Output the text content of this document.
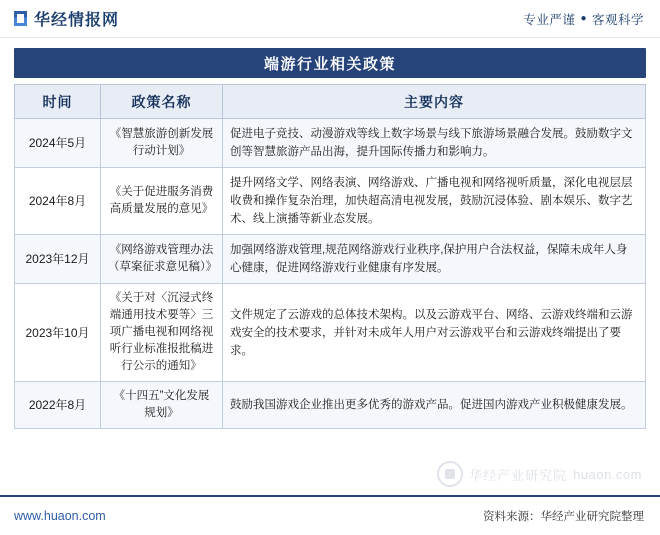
华经情报网	专业严谨 ● 客观科学
端游行业相关政策
时间	政策名称	主要内容
2024年5月	《智慧旅游创新发展行动计划》	促进电子竞技、动漫游戏等线上数字场景与线下旅游场景融合发展。鼓励数字文创等智慧旅游产品出海，提升国际传播力和影响力。
2024年8月	《关于促进服务消费高质量发展的意见》	提升网络文学、网络表演、网络游戏、广播电视和网络视听质量，深化电视层层收费和操作复杂治理，加快超高清电视发展，鼓励沉浸体验、剧本娱乐、数字艺术、线上演播等新业态发展。
2023年12月	《网络游戏管理办法（草案征求意见稿）》	加强网络游戏管理,规范网络游戏行业秩序,保护用户合法权益，保障未成年人身心健康，促进网络游戏行业健康有序发展。
2023年10月	《关于对〈沉浸式终端通用技术要等〉三项广播电视和网络视听行业标准报批稿进行公示的通知》	文件规定了云游戏的总体技术架构。以及云游戏平台、网络、云游戏终端和云游戏安全的技术要求，并针对未成年人用户对云游戏平台和云游戏终端提出了要求。
2022年8月	《十四五”文化发展规划》	鼓励我国游戏企业推出更多优秀的游戏产品。促进国内游戏产业积极健康发展。
华经产业研究院 huaon.com
www.huaon.com	资料来源：华经产业研究院整理
